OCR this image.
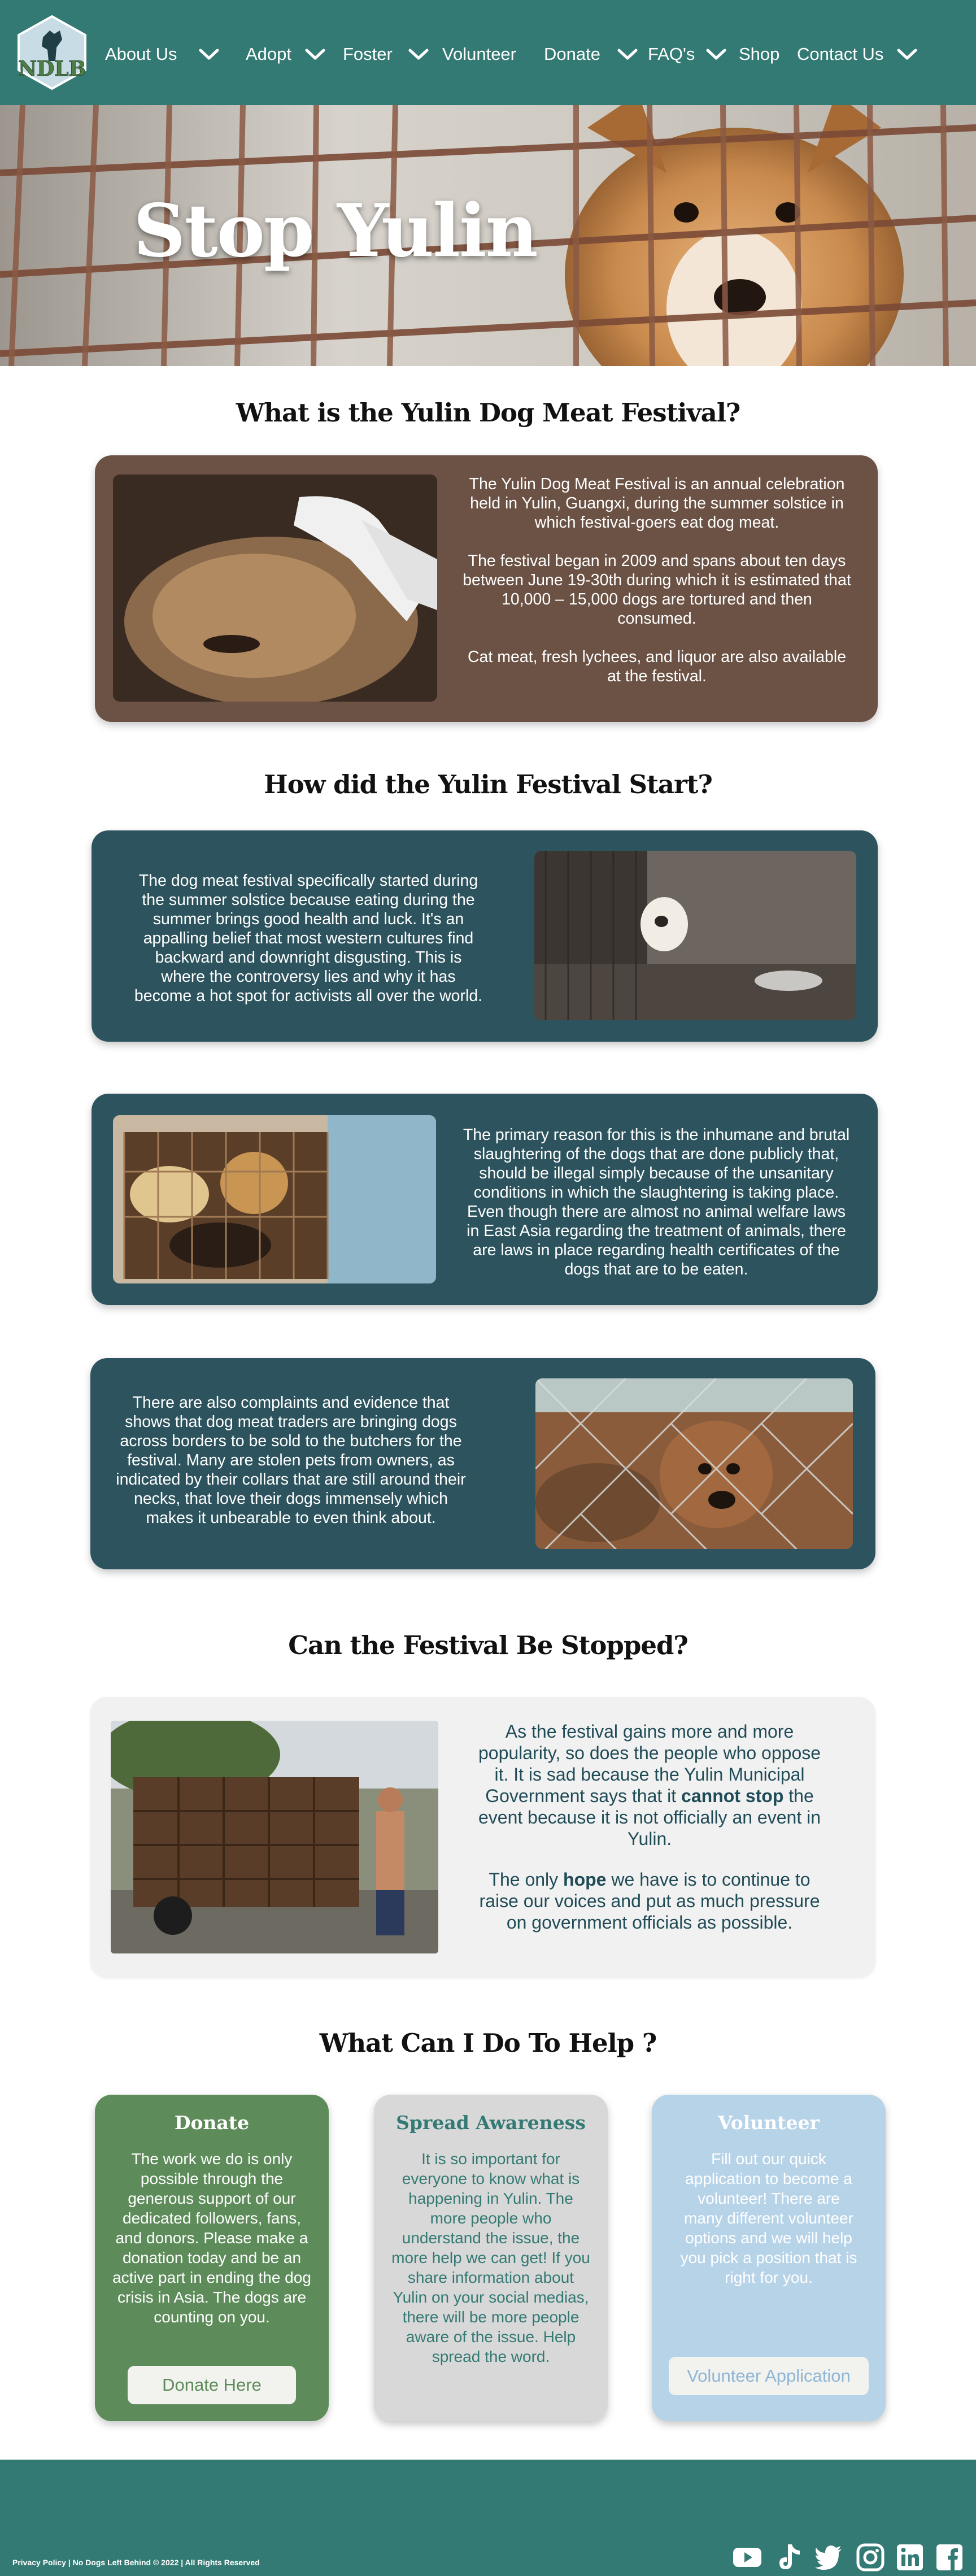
NDLB
About Us	Adopt	Foster	Volunteer Donate	FAQ's	Shop Contact Us
Stop Yulin
What is the Yulin Dog Meat Festival?

The Yulin Dog Meat Festival is an annual celebration held in Yulin, Guangxi, during the summer solstice in which festival-goers eat dog meat.

The festival began in 2009 and spans about ten days between June 19-30th during which it is estimated that 10,000 – 15,000 dogs are tortured and then consumed.

Cat meat, fresh lychees, and liquor are also available at the festival.

How did the Yulin Festival Start?

The dog meat festival specifically started during the summer solstice because eating during the summer brings good health and luck. It's an appalling belief that most western cultures find backward and downright disgusting. This is where the controversy lies and why it has become a hot spot for activists all over the world.

The primary reason for this is the inhumane and brutal slaughtering of the dogs that are done publicly that, should be illegal simply because of the unsanitary conditions in which the slaughtering is taking place. Even though there are almost no animal welfare laws in East Asia regarding the treatment of animals, there are laws in place regarding health certificates of the dogs that are to be eaten.

There are also complaints and evidence that shows that dog meat traders are bringing dogs across borders to be sold to the butchers for the festival. Many are stolen pets from owners, as indicated by their collars that are still around their necks, that love their dogs immensely which makes it unbearable to even think about.

Can the Festival Be Stopped?

As the festival gains more and more popularity, so does the people who oppose it. It is sad because the Yulin Municipal Government says that it cannot stop the event because it is not officially an event in Yulin.

The only hope we have is to continue to raise our voices and put as much pressure on government officials as possible.

What Can I Do To Help ?
Donate
The work we do is only possible through the generous support of our dedicated followers, fans, and donors. Please make a donation today and be an active part in ending the dog crisis in Asia. The dogs are counting on you.
Donate Here
Spread Awareness
It is so important for everyone to know what is happening in Yulin. The more people who understand the issue, the more help we can get! If you share information about Yulin on your social medias, there will be more people aware of the issue. Help spread the word.
Volunteer
Fill out our quick application to become a volunteer! There are many different volunteer options and we will help you pick a position that is right for you.
Volunteer Application
Privacy Policy | No Dogs Left Behind © 2022 | All Rights Reserved
